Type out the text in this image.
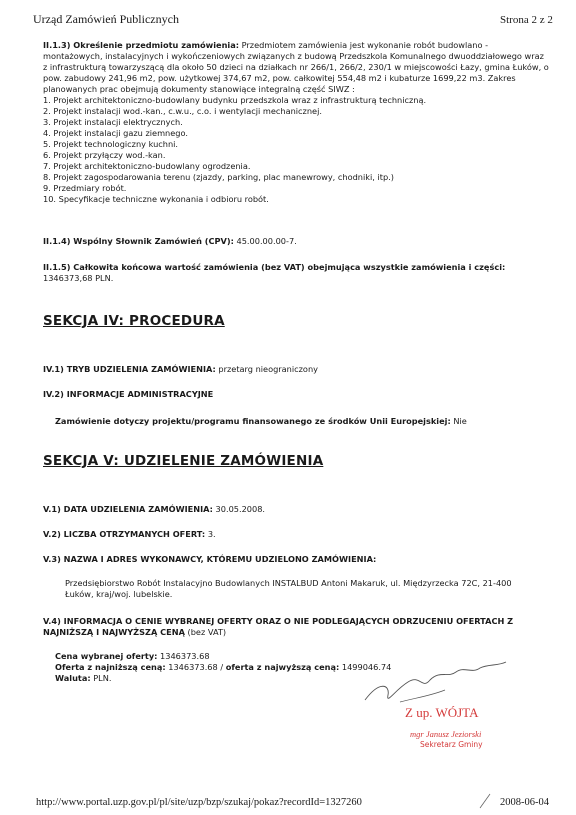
Urząd Zamówień Publicznych	Strona 2 z 2
II.1.3) Określenie przedmiotu zamówienia: Przedmiotem zamówienia jest wykonanie robót budowlano - montażowych, instalacyjnych i wykończeniowych związanych z budową Przedszkola Komunalnego dwuoddziałowego wraz z infrastrukturą towarzyszącą dla około 50 dzieci na działkach nr 266/1, 266/2, 230/1 w miejscowości Łazy, gmina Łuków, o pow. zabudowy 241,96 m2, pow. użytkowej 374,67 m2, pow. całkowitej 554,48 m2 i kubaturze 1699,22 m3. Zakres planowanych prac obejmują dokumenty stanowiące integralną część SIWZ :
1. Projekt architektoniczno-budowlany budynku przedszkola wraz z infrastrukturą techniczną.
2. Projekt instalacji wod.-kan., c.w.u., c.o. i wentylacji mechanicznej.
3. Projekt instalacji elektrycznych.
4. Projekt instalacji gazu ziemnego.
5. Projekt technologiczny kuchni.
6. Projekt przyłączy wod.-kan.
7. Projekt architektoniczno-budowlany ogrodzenia.
8. Projekt zagospodarowania terenu (zjazdy, parking, plac manewrowy, chodniki, itp.)
9. Przedmiary robót.
10. Specyfikacje techniczne wykonania i odbioru robót.
II.1.4) Wspólny Słownik Zamówień (CPV): 45.00.00.00-7.
II.1.5) Całkowita końcowa wartość zamówienia (bez VAT) obejmująca wszystkie zamówienia i części:
1346373,68 PLN.
SEKCJA IV: PROCEDURA
IV.1) TRYB UDZIELENIA ZAMÓWIENIA: przetarg nieograniczony
IV.2) INFORMACJE ADMINISTRACYJNE
Zamówienie dotyczy projektu/programu finansowanego ze środków Unii Europejskiej: Nie
SEKCJA V: UDZIELENIE ZAMÓWIENIA
V.1) DATA UDZIELENIA ZAMÓWIENIA: 30.05.2008.
V.2) LICZBA OTRZYMANYCH OFERT: 3.
V.3) NAZWA I ADRES WYKONAWCY, KTÓREMU UDZIELONO ZAMÓWIENIA:
Przedsiębiorstwo Robót Instalacyjno Budowlanych INSTALBUD Antoni Makaruk, ul. Międzyrzecka 72C, 21-400 Łuków, kraj/woj. lubelskie.
V.4) INFORMACJA O CENIE WYBRANEJ OFERTY ORAZ O NIE PODLEGAJĄCYCH ODRZUCENIU OFERTACH Z NAJNIŻSZĄ I NAJWYŻSZĄ CENĄ (bez VAT)
Cena wybranej oferty: 1346373.68
Oferta z najniższą ceną: 1346373.68 / oferta z najwyższą ceną: 1499046.74
Waluta: PLN.
Z up. WÓJTA
mgr Janusz Jeziorski
Sekretarz Gminy
http://www.portal.uzp.gov.pl/pl/site/uzp/bzp/szukaj/pokaz?recordId=1327260	2008-06-04
